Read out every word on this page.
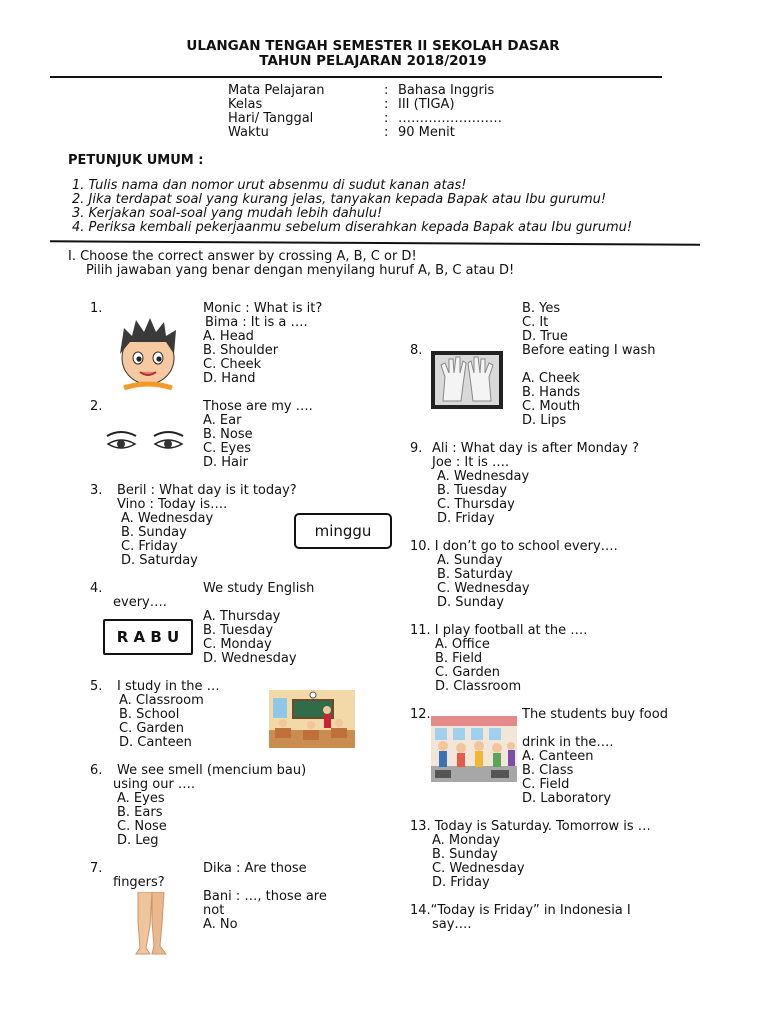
ULANGAN TENGAH SEMESTER II SEKOLAH DASAR
TAHUN PELAJARAN 2018/2019
Mata Pelajaran	: Bahasa Inggris
Kelas	: III (TIGA)
Hari/ Tanggal	: ……………………
Waktu	: 90 Menit
PETUNJUK UMUM :
1. Tulis nama dan nomor urut absenmu di sudut kanan atas!
2. Jika terdapat soal yang kurang jelas, tanyakan kepada Bapak atau Ibu gurumu!
3. Kerjakan soal-soal yang mudah lebih dahulu!
4. Periksa kembali pekerjaanmu sebelum diserahkan kepada Bapak atau Ibu gurumu!
I. Choose the correct answer by crossing A, B, C or D!
Pilih jawaban yang benar dengan menyilang huruf A, B, C atau D!
1.	Monic : What is it?
Bima : It is a ….
A. Head
B. Shoulder
C. Cheek
D. Hand
2.	Those are my ….
A. Ear
B. Nose
C. Eyes
D. Hair
3. Beril : What day is it today?
Vino : Today is….
A. Wednesday
B. Sunday
C. Friday
D. Saturday
minggu
4.	We study English
every….
A. Thursday
B. Tuesday
C. Monday
D. Wednesday
R A B U
5. I study in the …
A. Classroom
B. School
C. Garden
D. Canteen
6. We see smell (mencium bau)
using our ….
A. Eyes
B. Ears
C. Nose
D. Leg
7.	Dika : Are those
fingers?
Bani : …, those are
not
A. No
B. Yes
C. It
D. True
8.	Before eating I wash
A. Cheek
B. Hands
C. Mouth
D. Lips
9. Ali : What day is after Monday ?
Joe : It is ….
A. Wednesday
B. Tuesday
C. Thursday
D. Friday
10. I don’t go to school every….
A. Sunday
B. Saturday
C. Wednesday
D. Sunday
11. I play football at the ….
A. Office
B. Field
C. Garden
D. Classroom
12.	The students buy food
drink in the….
A. Canteen
B. Class
C. Field
D. Laboratory
13. Today is Saturday. Tomorrow is …
A. Monday
B. Sunday
C. Wednesday
D. Friday
14.“Today is Friday” in Indonesia I
say….
